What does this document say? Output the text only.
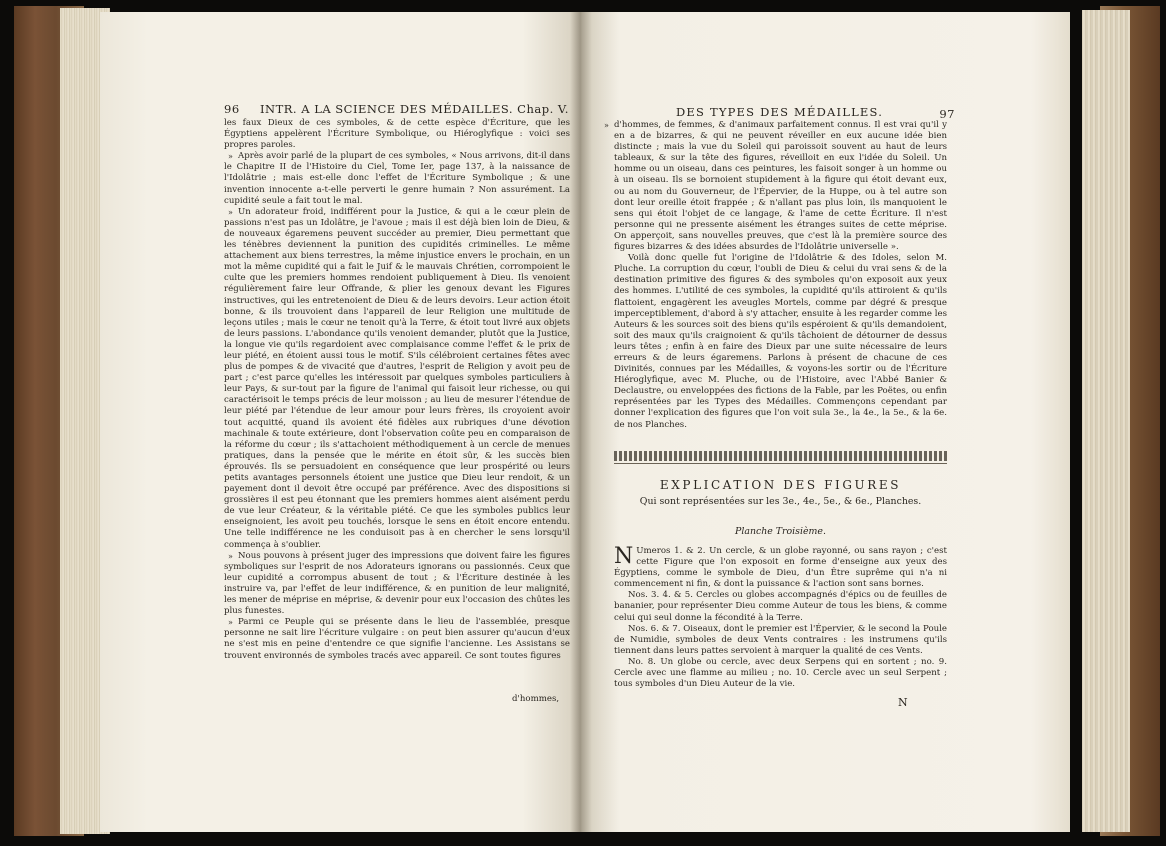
96 INTR. A LA SCIENCE DES MÉDAILLES. Chap. V.

les faux Dieux de ces symboles, & de cette espèce d'Écriture, que les Égyptiens appelèrent l'Écriture Symbolique, ou Hiéroglyfique : voici ses propres paroles.

» Après avoir parlé de la plupart de ces symboles, « Nous arrivons, dit-il dans le Chapitre II de l'Histoire du Ciel, Tome Ier, page 137, à la naissance de l'Idolâtrie ; mais est-elle donc l'effet de l'Écriture Symbolique ; & une invention innocente a-t-elle perverti le genre humain ? Non assurément. La cupidité seule a fait tout le mal.

» Un adorateur froid, indifférent pour la Justice, & qui a le cœur plein de passions n'est pas un Idolâtre, je l'avoue ; mais il est déjà bien loin de Dieu, & de nouveaux égaremens peuvent succéder au premier, Dieu permettant que les ténèbres deviennent la punition des cupidités criminelles. Le même attachement aux biens terrestres, la même injustice envers le prochain, en un mot la même cupidité qui a fait le Juif & le mauvais Chrétien, corrompoient le culte que les premiers hommes rendoient publiquement à Dieu. Ils venoient régulièrement faire leur Offrande, & plier les genoux devant les Figures instructives, qui les entretenoient de Dieu & de leurs devoirs. Leur action étoit bonne, & ils trouvoient dans l'appareil de leur Religion une multitude de leçons utiles ; mais le cœur ne tenoit qu'à la Terre, & étoit tout livré aux objets de leurs passions. L'abondance qu'ils venoient demander, plutôt que la Justice, la longue vie qu'ils regardoient avec complaisance comme l'effet & le prix de leur piété, en étoient aussi tous le motif. S'ils célébroient certaines fêtes avec plus de pompes & de vivacité que d'autres, l'esprit de Religion y avoit peu de part ; c'est parce qu'elles les intéressoit par quelques symboles particuliers à leur Pays, & sur-tout par la figure de l'animal qui faisoit leur richesse, ou qui caractérisoit le temps précis de leur moisson ; au lieu de mesurer l'étendue de leur piété par l'étendue de leur amour pour leurs frères, ils croyoient avoir tout acquitté, quand ils avoient été fidèles aux rubriques d'une dévotion machinale & toute extérieure, dont l'observation coûte peu en comparaison de la réforme du cœur ; ils s'attachoient méthodiquement à un cercle de menues pratiques, dans la pensée que le mérite en étoit sûr, & les succès bien éprouvés. Ils se persuadoient en conséquence que leur prospérité ou leurs petits avantages personnels étoient une justice que Dieu leur rendoit, & un payement dont il devoit être occupé par préférence. Avec des dispositions si grossières il est peu étonnant que les premiers hommes aient aisément perdu de vue leur Créateur, & la véritable piété. Ce que les symboles publics leur enseignoient, les avoit peu touchés, lorsque le sens en étoit encore entendu. Une telle indifférence ne les conduisoit pas à en chercher le sens lorsqu'il commença à s'oublier.

» Nous pouvons à présent juger des impressions que doivent faire les figures symboliques sur l'esprit de nos Adorateurs ignorans ou passionnés. Ceux que leur cupidité a corrompus abusent de tout ; & l'Écriture destinée à les instruire va, par l'effet de leur indifférence, & en punition de leur malignité, les mener de méprise en méprise, & devenir pour eux l'occasion des chûtes les plus funestes.

» Parmi ce Peuple qui se présente dans le lieu de l'assemblée, presque personne ne sait lire l'écriture vulgaire : on peut bien assurer qu'aucun d'eux ne s'est mis en peine d'entendre ce que signifie l'ancienne. Les Assistans se trouvent environnés de symboles tracés avec appareil. Ce sont toutes figures

d'hommes,
DES TYPES DES MÉDAILLES.	97

» d'hommes, de femmes, & d'animaux parfaitement connus. Il est vrai qu'il y en a de bizarres, & qui ne peuvent réveiller en eux aucune idée bien distincte ; mais la vue du Soleil qui paroissoit souvent au haut de leurs tableaux, & sur la tête des figures, réveilloit en eux l'idée du Soleil. Un homme ou un oiseau, dans ces peintures, les faisoit songer à un homme ou à un oiseau. Ils se bornoient stupidement à la figure qui étoit devant eux, ou au nom du Gouverneur, de l'Épervier, de la Huppe, ou à tel autre son dont leur oreille étoit frappée ; & n'allant pas plus loin, ils manquoient le sens qui étoit l'objet de ce langage, & l'ame de cette Écriture. Il n'est personne qui ne pressente aisément les étranges suites de cette méprise. On apperçoit, sans nouvelles preuves, que c'est là la première source des figures bizarres & des idées absurdes de l'Idolâtrie universelle ».

Voilà donc quelle fut l'origine de l'Idolâtrie & des Idoles, selon M. Pluche. La corruption du cœur, l'oubli de Dieu & celui du vrai sens & de la destination primitive des figures & des symboles qu'on exposoit aux yeux des hommes. L'utilité de ces symboles, la cupidité qu'ils attiroient & qu'ils flattoient, engagèrent les aveugles Mortels, comme par dégré & presque imperceptiblement, d'abord à s'y attacher, ensuite à les regarder comme les Auteurs & les sources soit des biens qu'ils espéroient & qu'ils demandoient, soit des maux qu'ils craignoient & qu'ils tâchoient de détourner de dessus leurs têtes ; enfin à en faire des Dieux par une suite nécessaire de leurs erreurs & de leurs égaremens. Parlons à présent de chacune de ces Divinités, connues par les Médailles, & voyons-les sortir ou de l'Écriture Hiéroglyfique, avec M. Pluche, ou de l'Histoire, avec l'Abbé Banier & Declaustre, ou enveloppées des fictions de la Fable, par les Poëtes, ou enfin représentées par les Types des Médailles. Commençons cependant par donner l'explication des figures que l'on voit sula 3e., la 4e., la 5e., & la 6e. de nos Planches.

EXPLICATION DES FIGURES
Qui sont représentées sur les 3e., 4e., 5e., & 6e., Planches.
Planche Troisième.

N Umeros 1. & 2. Un cercle, & un globe rayonné, ou sans rayon ; c'est cette Figure que l'on exposoit en forme d'enseigne aux yeux des Égyptiens, comme le symbole de Dieu, d'un Être suprême qui n'a ni commencement ni fin, & dont la puissance & l'action sont sans bornes.

Nos. 3. 4. & 5. Cercles ou globes accompagnés d'épics ou de feuilles de bananier, pour représenter Dieu comme Auteur de tous les biens, & comme celui qui seul donne la fécondité à la Terre.

Nos. 6. & 7. Oiseaux, dont le premier est l'Épervier, & le second la Poule de Numidie, symboles de deux Vents contraires : les instrumens qu'ils tiennent dans leurs pattes servoient à marquer la qualité de ces Vents.

No. 8. Un globe ou cercle, avec deux Serpens qui en sortent ; no. 9. Cercle avec une flamme au milieu ; no. 10. Cercle avec un seul Serpent ; tous symboles d'un Dieu Auteur de la vie.

N
